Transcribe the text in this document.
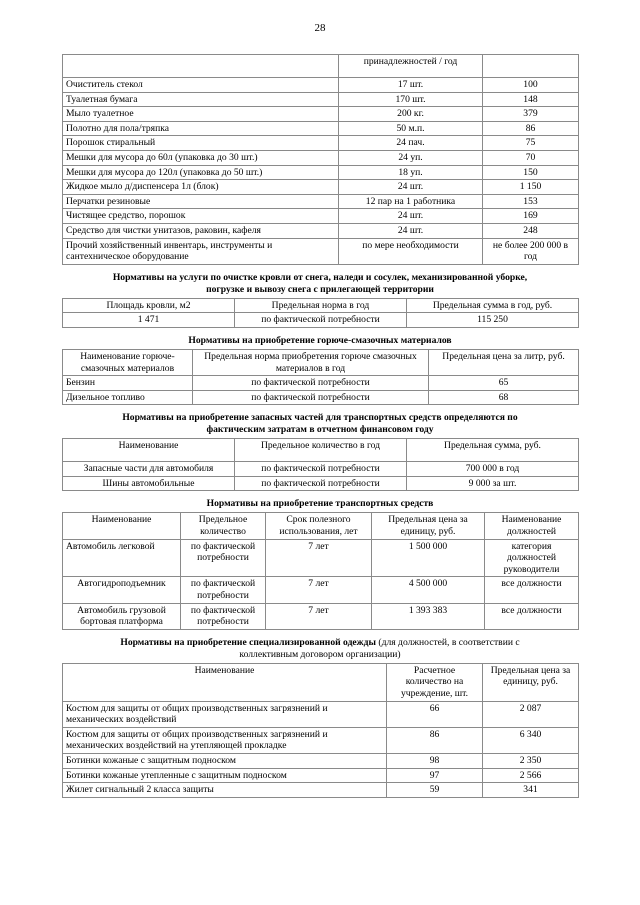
28
	принадлежностей / год	
Очиститель стекол	17 шт.	100
Туалетная бумага	170 шт.	148
Мыло туалетное	200 кг.	379
Полотно для пола/тряпка	50 м.п.	86
Порошок стиральный	24 пач.	75
Мешки для мусора до 60л (упаковка до 30 шт.)	24 уп.	70
Мешки для мусора до 120л (упаковка до 50 шт.)	18 уп.	150
Жидкое мыло д/диспенсера 1л (блок)	24 шт.	1 150
Перчатки резиновые	12 пар на 1 работника	153
Чистящее средство, порошок	24 шт.	169
Средство для чистки унитазов, раковин, кафеля	24 шт.	248
Прочий хозяйственный инвентарь, инструменты и сантехническое оборудование	по мере необходимости	не более 200 000 в год
Нормативы на услуги по очистке кровли от снега, наледи и сосулек, механизированной уборке,
погрузке и вывозу снега с прилегающей территории
Площадь кровли, м2	Предельная норма в год	Предельная сумма в год, руб.
1 471	по фактической потребности	115 250
Нормативы на приобретение горюче-смазочных материалов
Наименование горюче-смазочных материалов	Предельная норма приобретения горюче смазочных материалов в год	Предельная цена за литр, руб.
Бензин	по фактической потребности	65
Дизельное топливо	по фактической потребности	68
Нормативы на приобретение запасных частей для транспортных средств определяются по
фактическим затратам в отчетном финансовом году
Наименование	Предельное количество в год	Предельная сумма, руб.
Запасные части для автомобиля	по фактической потребности	700 000 в год
Шины автомобильные	по фактической потребности	9 000 за шт.
Нормативы на приобретение транспортных средств
Наименование	Предельное количество	Срок полезного использования, лет	Предельная цена за единицу, руб.	Наименование должностей
Автомобиль легковой	по фактической потребности	7 лет	1 500 000	категория должностей руководители
Автогидроподъемник	по фактической потребности	7 лет	4 500 000	все должности
Автомобиль грузовой бортовая платформа	по фактической потребности	7 лет	1 393 383	все должности
Нормативы на приобретение специализированной одежды (для должностей, в соответствии с
коллективным договором организации)
Наименование	Расчетное количество на учреждение, шт.	Предельная цена за единицу, руб.
Костюм для защиты от общих производственных загрязнений и механических воздействий	66	2 087
Костюм для защиты от общих производственных загрязнений и механических воздействий на утепляющей прокладке	86	6 340
Ботинки кожаные с защитным подноском	98	2 350
Ботинки кожаные утепленные с защитным подноском	97	2 566
Жилет сигнальный 2 класса защиты	59	341
